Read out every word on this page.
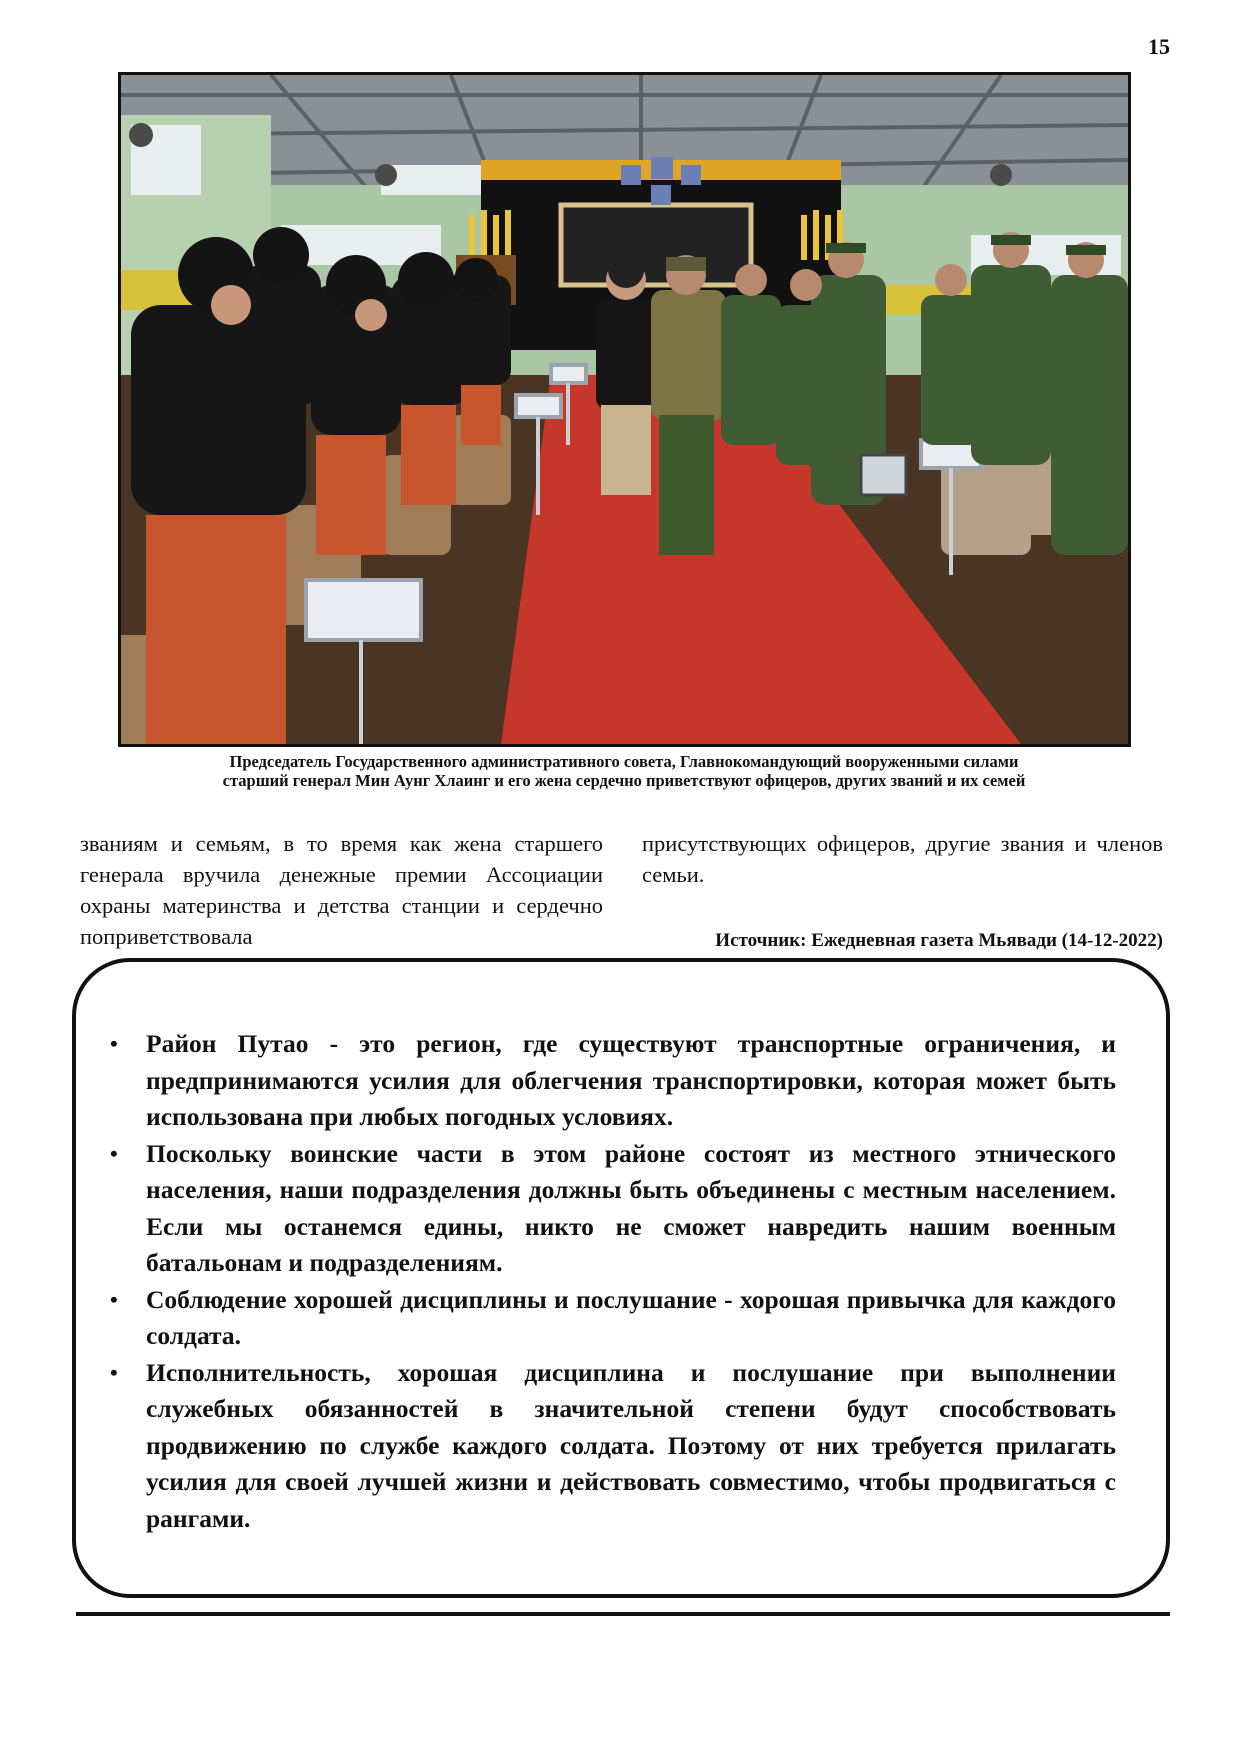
15
Председатель Государственного административного совета, Главнокомандующий вооруженными силами
старший генерал Мин Аунг Хлаинг и его жена сердечно приветствуют офицеров, других званий и их семей
званиям и семьям, в то время как жена старшего генерала вручила денежные премии Ассоциации охраны материнства и детства станции и сердечно поприветствовала
присутствующих офицеров, другие звания и членов семьи.
Источник: Ежедневная газета Мьявади (14-12-2022)
• Район Путао - это регион, где существуют транспортные ограничения, и предпринимаются усилия для облегчения транспортировки, которая может быть использована при любых погодных условиях.
• Поскольку воинские части в этом районе состоят из местного этнического населения, наши подразделения должны быть объединены с местным населением. Если мы останемся едины, никто не сможет навредить нашим военным батальонам и подразделениям.
• Соблюдение хорошей дисциплины и послушание - хорошая привычка для каждого солдата.
• Исполнительность, хорошая дисциплина и послушание при выполнении служебных обязанностей в значительной степени будут способствовать продвижению по службе каждого солдата. Поэтому от них требуется прилагать усилия для своей лучшей жизни и действовать совместимо, чтобы продвигаться с рангами.
